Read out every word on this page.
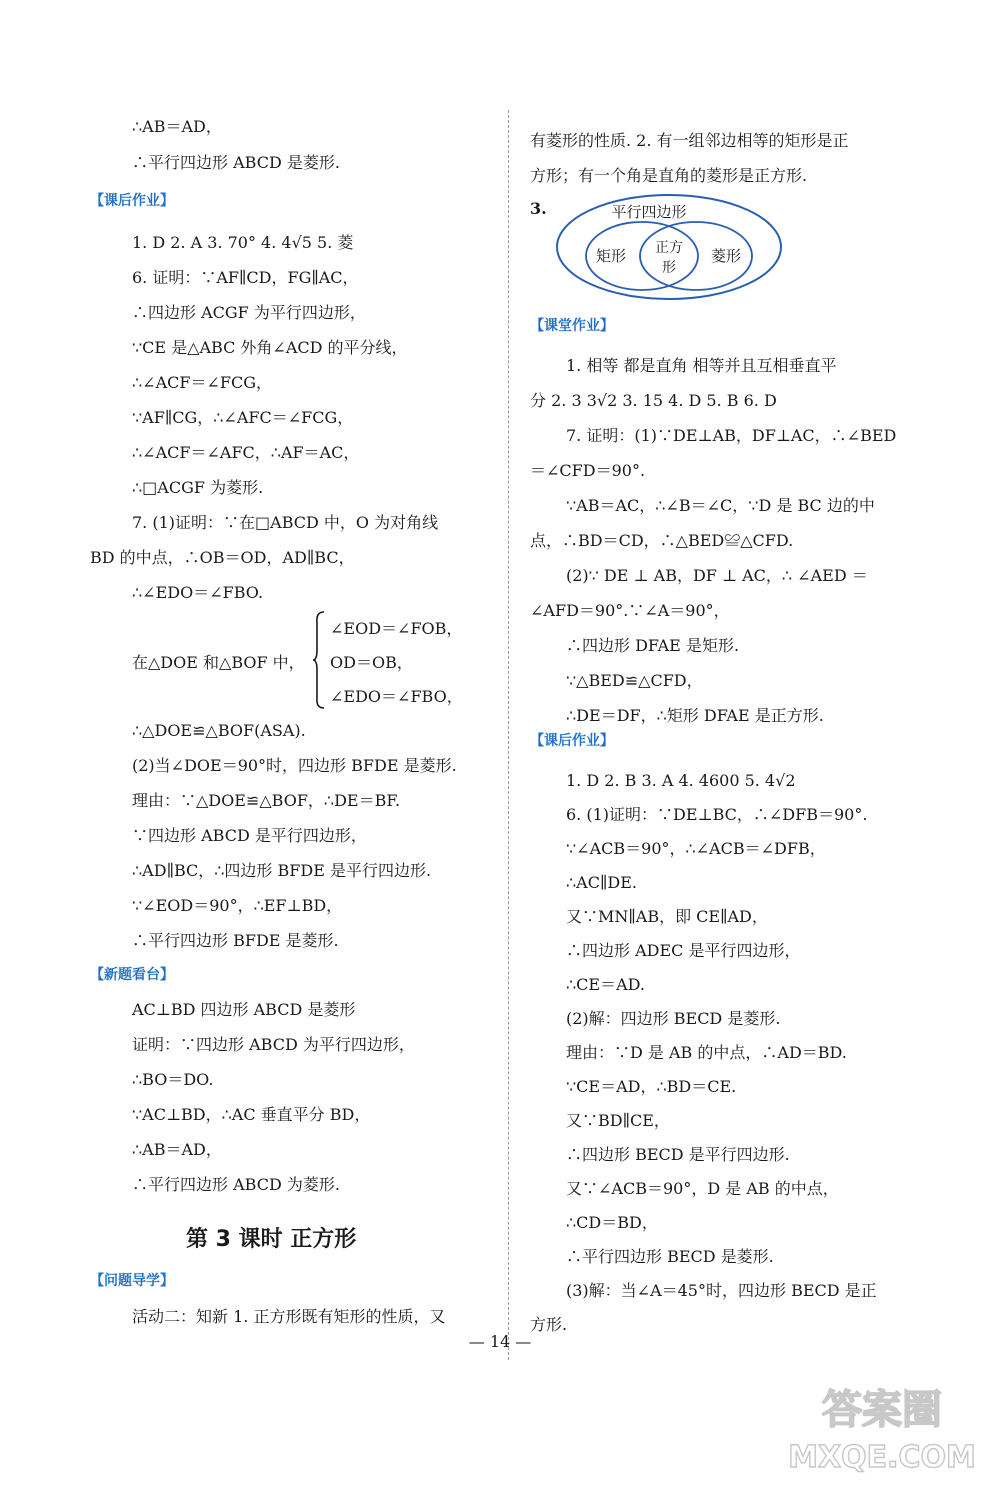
∴AB＝AD，
∴平行四边形 ABCD 是菱形.
【课后作业】
1. D 2. A 3. 70° 4. 4√5 5. 菱
6. 证明：∵AF∥CD，FG∥AC，
∴四边形 ACGF 为平行四边形，
∵CE 是△ABC 外角∠ACD 的平分线，
∴∠ACF＝∠FCG，
∵AF∥CG，∴∠AFC＝∠FCG，
∴∠ACF＝∠AFC，∴AF＝AC，
∴□ACGF 为菱形.
7. (1)证明：∵在□ABCD 中，O 为对角线
BD 的中点，∴OB＝OD，AD∥BC，
∴∠EDO＝∠FBO.
在△DOE 和△BOF 中，
∠EOD＝∠FOB，
OD＝OB，
∠EDO＝∠FBO，
∴△DOE≌△BOF(ASA).
(2)当∠DOE＝90°时，四边形 BFDE 是菱形.
理由：∵△DOE≌△BOF，∴DE＝BF.
∵四边形 ABCD 是平行四边形，
∴AD∥BC，∴四边形 BFDE 是平行四边形.
∵∠EOD＝90°，∴EF⊥BD，
∴平行四边形 BFDE 是菱形.
【新题看台】
AC⊥BD 四边形 ABCD 是菱形
证明：∵四边形 ABCD 为平行四边形，
∴BO＝DO.
∵AC⊥BD，∴AC 垂直平分 BD，
∴AB＝AD，
∴平行四边形 ABCD 为菱形.
第 3 课时 正方形
【问题导学】
活动二：知新 1. 正方形既有矩形的性质，又
有菱形的性质. 2. 有一组邻边相等的矩形是正
方形；有一个角是直角的菱形是正方形.
3.	平行四边形
矩形 正方
形
菱形
【课堂作业】
1. 相等 都是直角 相等并且互相垂直平
分 2. 3 3√2 3. 15 4. D 5. B 6. D
7. 证明：(1)∵DE⊥AB，DF⊥AC，∴∠BED
＝∠CFD＝90°.
∵AB＝AC，∴∠B＝∠C，∵D 是 BC 边的中
点，∴BD＝CD，∴△BED≌△CFD.
(2)∵ DE ⊥ AB，DF ⊥ AC，∴ ∠AED ＝
∠AFD＝90°.∵∠A＝90°，
∴四边形 DFAE 是矩形.
∵△BED≌△CFD，
∴DE＝DF，∴矩形 DFAE 是正方形.
【课后作业】
1. D 2. B 3. A 4. 4600 5. 4√2
6. (1)证明：∵DE⊥BC，∴∠DFB＝90°.
∵∠ACB＝90°，∴∠ACB＝∠DFB，
∴AC∥DE.
又∵MN∥AB，即 CE∥AD，
∴四边形 ADEC 是平行四边形，
∴CE＝AD.
(2)解：四边形 BECD 是菱形.
理由：∵D 是 AB 的中点，∴AD＝BD.
∵CE＝AD，∴BD＝CE.
又∵BD∥CE，
∴四边形 BECD 是平行四边形.
又∵∠ACB＝90°，D 是 AB 的中点，
∴CD＝BD，
∴平行四边形 BECD 是菱形.
(3)解：当∠A＝45°时，四边形 BECD 是正
方形.
— 14 —
答案圈
MXQE.COM
